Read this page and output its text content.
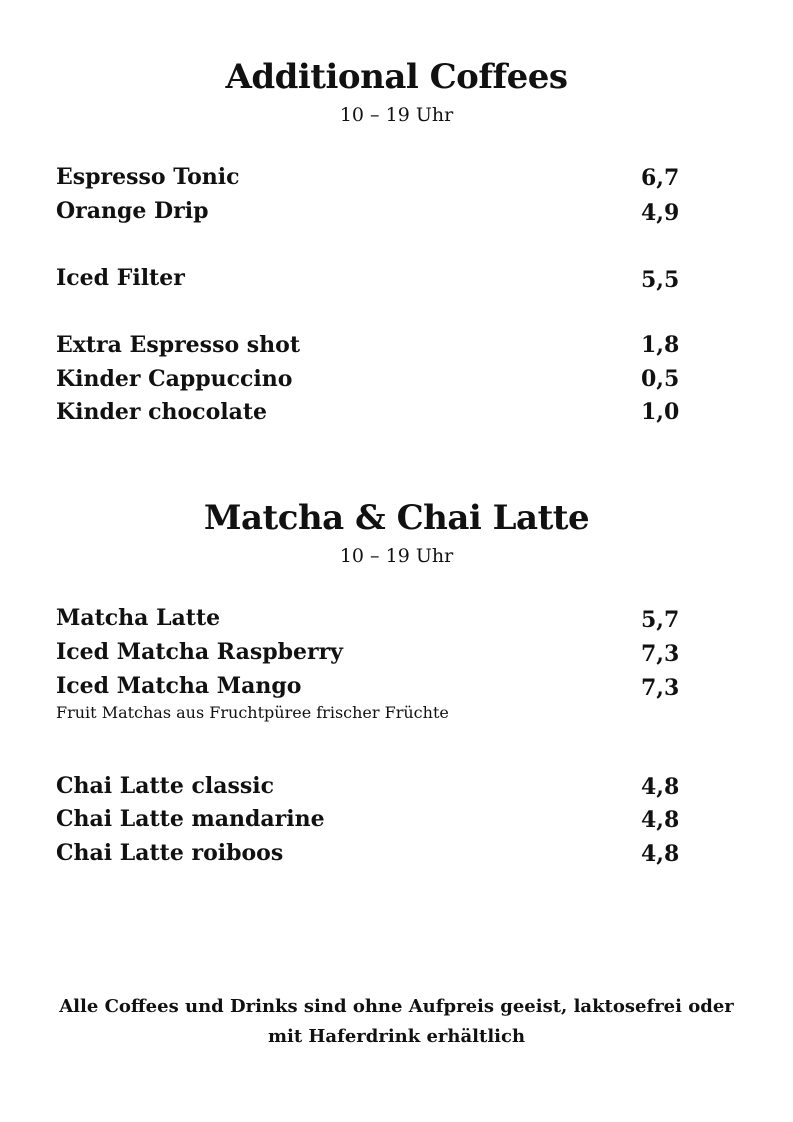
Additional Coffees
10 – 19 Uhr
Espresso Tonic	6,7
Orange Drip	4,9
Iced Filter	5,5
Extra Espresso shot	1,8
Kinder Cappuccino	0,5
Kinder chocolate	1,0
Matcha & Chai Latte
10 – 19 Uhr
Matcha Latte	5,7
Iced Matcha Raspberry	7,3
Iced Matcha Mango	7,3
Fruit Matchas aus Fruchtpüree frischer Früchte
Chai Latte classic	4,8
Chai Latte mandarine	4,8
Chai Latte roiboos	4,8
Alle Coffees und Drinks sind ohne Aufpreis geeist, laktosefrei oder
mit Haferdrink erhältlich
